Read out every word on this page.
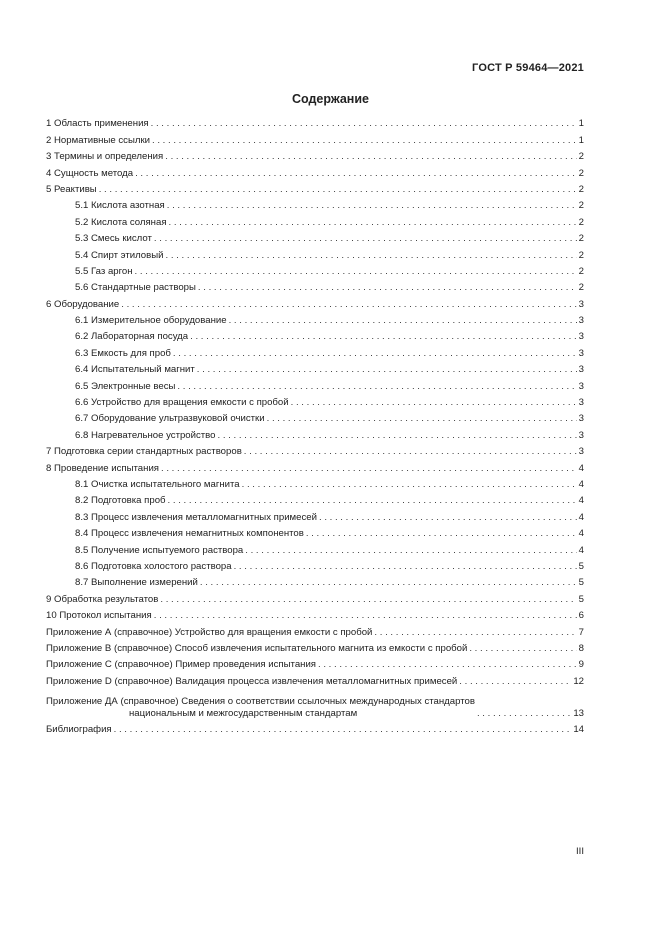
ГОСТ Р 59464—2021
Содержание
1 Область применения . . .	1
2 Нормативные ссылки . . .	1
3 Термины и определения . . .	2
4 Сущность метода . . .	2
5 Реактивы . . .	2
5.1 Кислота азотная . . .	2
5.2 Кислота соляная . . .	2
5.3 Смесь кислот . . .	2
5.4 Спирт этиловый . . .	2
5.5 Газ аргон . . .	2
5.6 Стандартные растворы . . .	2
6 Оборудование . . .	3
6.1 Измерительное оборудование . . .	3
6.2 Лабораторная посуда . . .	3
6.3 Емкость для проб . . .	3
6.4 Испытательный магнит . . .	3
6.5 Электронные весы . . .	3
6.6 Устройство для вращения емкости с пробой . . .	3
6.7 Оборудование ультразвуковой очистки . . .	3
6.8 Нагревательное устройство . . .	3
7 Подготовка серии стандартных растворов . . .	3
8 Проведение испытания . . .	4
8.1 Очистка испытательного магнита . . .	4
8.2 Подготовка проб . . .	4
8.3 Процесс извлечения металломагнитных примесей . . .	4
8.4 Процесс извлечения немагнитных компонентов . . .	4
8.5 Получение испытуемого раствора . . .	4
8.6 Подготовка холостого раствора . . .	5
8.7 Выполнение измерений . . .	5
9 Обработка результатов . . .	5
10 Протокол испытания . . .	6
Приложение А (справочное) Устройство для вращения емкости с пробой . . .	7
Приложение В (справочное) Способ извлечения испытательного магнита из емкости с пробой . . .	8
Приложение С (справочное) Пример проведения испытания . . .	9
Приложение D (справочное) Валидация процесса извлечения металломагнитных примесей . . .	12
Приложение ДА (справочное) Сведения о соответствии ссылочных международных стандартов
национальным и межгосударственным стандартам . . .	13
Библиография . . .	14
III
